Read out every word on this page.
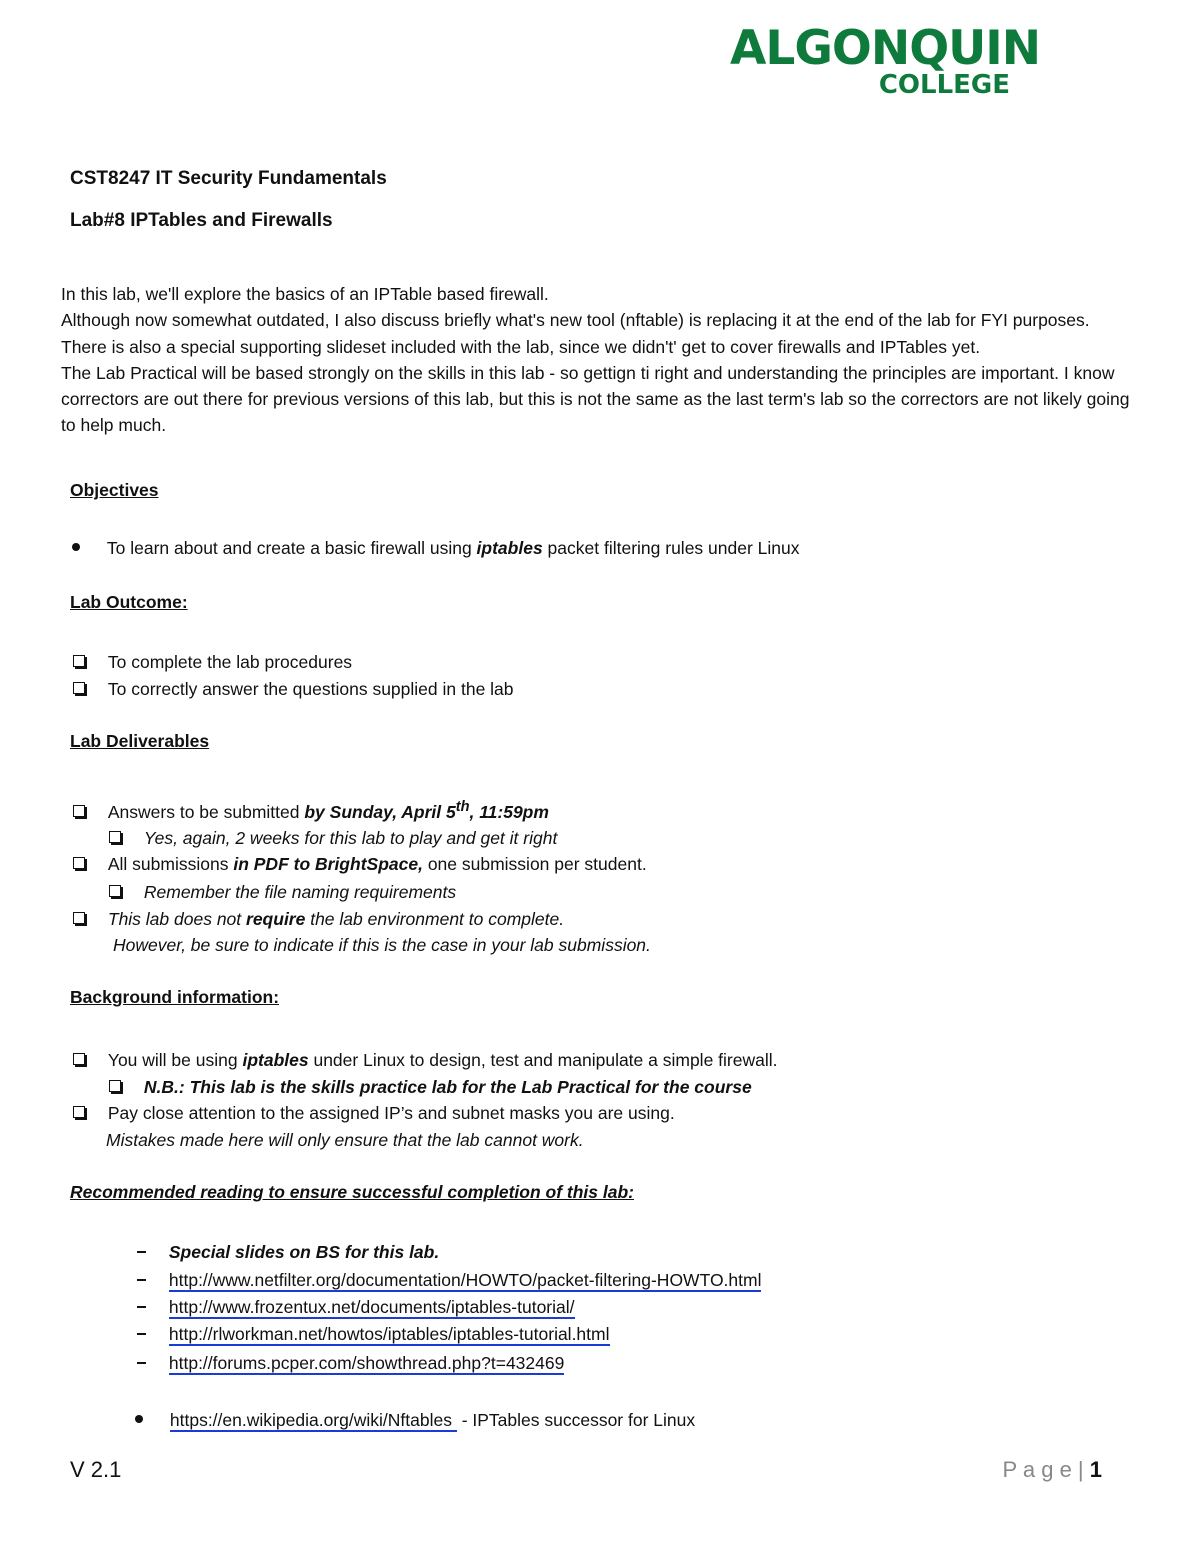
ALGONQUIN
COLLEGE
CST8247 IT Security Fundamentals
Lab#8 IPTables and Firewalls
In this lab, we'll explore the basics of an IPTable based firewall.
Although now somewhat outdated, I also discuss briefly what's new tool (nftable) is replacing it at the end of the lab for FYI purposes.
There is also a special supporting slideset included with the lab, since we didn't' get to cover firewalls and IPTables yet.
The Lab Practical will be based strongly on the skills in this lab - so gettign ti right and understanding the principles are important. I know correctors are out there for previous versions of this lab, but this is not the same as the last term's lab so the correctors are not likely going to help much.
Objectives
To learn about and create a basic firewall using iptables packet filtering rules under Linux
Lab Outcome:
To complete the lab procedures
To correctly answer the questions supplied in the lab
Lab Deliverables
Answers to be submitted by Sunday, April 5th, 11:59pm
Yes, again, 2 weeks for this lab to play and get it right
All submissions in PDF to BrightSpace, one submission per student.
Remember the file naming requirements
This lab does not require the lab environment to complete.
However, be sure to indicate if this is the case in your lab submission.
Background information:
You will be using iptables under Linux to design, test and manipulate a simple firewall.
N.B.: This lab is the skills practice lab for the Lab Practical for the course
Pay close attention to the assigned IP’s and subnet masks you are using.
Mistakes made here will only ensure that the lab cannot work.
Recommended reading to ensure successful completion of this lab:
Special slides on BS for this lab.
http://www.netfilter.org/documentation/HOWTO/packet-filtering-HOWTO.html
http://www.frozentux.net/documents/iptables-tutorial/
http://rlworkman.net/howtos/iptables/iptables-tutorial.html
http://forums.pcper.com/showthread.php?t=432469
https://en.wikipedia.org/wiki/Nftables  - IPTables successor for Linux
V 2.1	P a g e | 1
